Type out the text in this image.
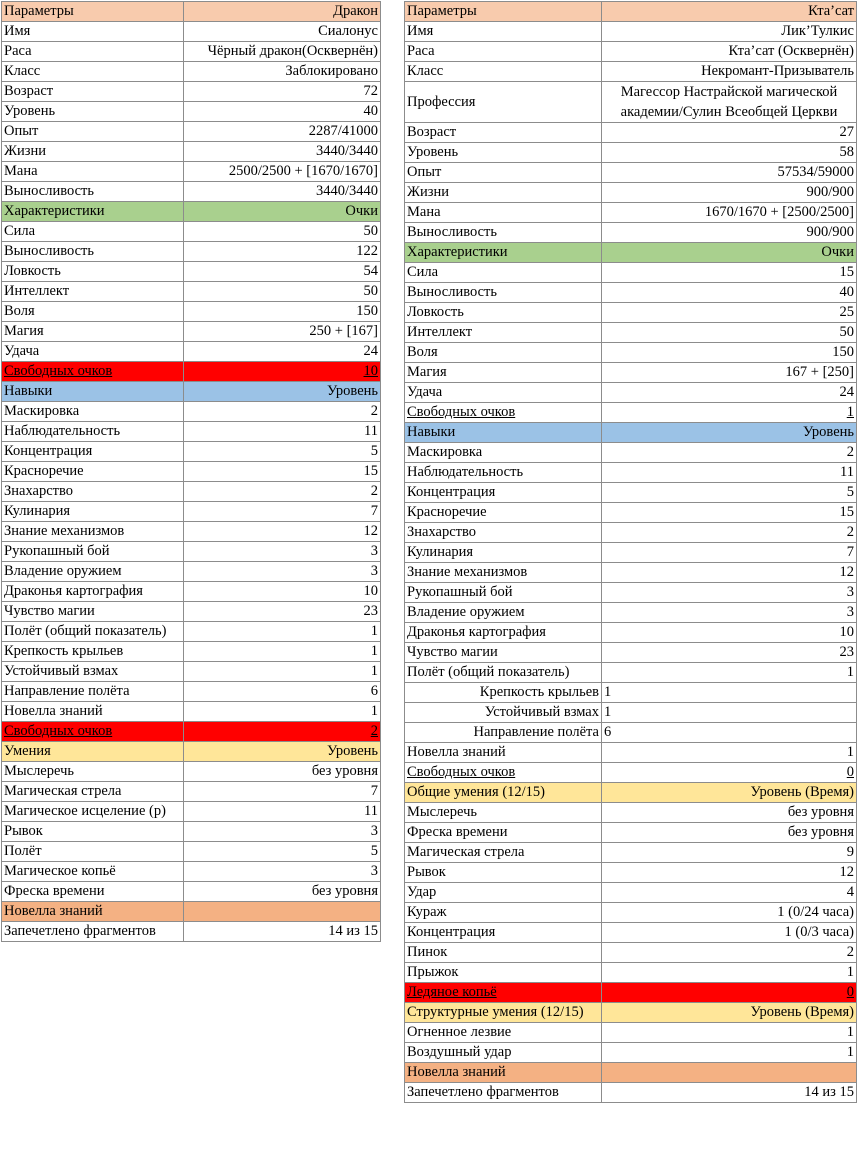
Параметры	Дракон
Имя	Сиалонус
Раса	Чёрный дракон(Осквернён)
Класс	Заблокировано
Возраст	72
Уровень	40
Опыт	2287/41000
Жизни	3440/3440
Мана	2500/2500 + [1670/1670]
Выносливость	3440/3440
Характеристики	Очки
Сила	50
Выносливость	122
Ловкость	54
Интеллект	50
Воля	150
Магия	250 + [167]
Удача	24
Свободных очков	10
Навыки	Уровень
Маскировка	2
Наблюдательность	11
Концентрация	5
Красноречие	15
Знахарство	2
Кулинария	7
Знание механизмов	12
Рукопашный бой	3
Владение оружием	3
Драконья картография	10
Чувство магии	23
Полёт (общий показатель)	1
Крепкость крыльев	1
Устойчивый взмах	1
Направление полёта	6
Новелла знаний	1
Свободных очков	2
Умения	Уровень
Мыслеречь	без уровня
Магическая стрела	7
Магическое исцеление (р)	11
Рывок	3
Полёт	5
Магическое копьё	3
Фреска времени	без уровня
Новелла знаний	
Запечетлено фрагментов	14 из 15
Параметры	Кта’сат
Имя	Лик’Тулкис
Раса	Кта’сат (Осквернён)
Класс	Некромант-Призыватель
Профессия	Магессор Настрайской магической академии/Сулин Всеобщей Церкви
Возраст	27
Уровень	58
Опыт	57534/59000
Жизни	900/900
Мана	1670/1670 + [2500/2500]
Выносливость	900/900
Характеристики	Очки
Сила	15
Выносливость	40
Ловкость	25
Интеллект	50
Воля	150
Магия	167 + [250]
Удача	24
Свободных очков	1
Навыки	Уровень
Маскировка	2
Наблюдательность	11
Концентрация	5
Красноречие	15
Знахарство	2
Кулинария	7
Знание механизмов	12
Рукопашный бой	3
Владение оружием	3
Драконья картография	10
Чувство магии	23
Полёт (общий показатель)	1
Крепкость крыльев	1
Устойчивый взмах	1
Направление полёта	6
Новелла знаний	1
Свободных очков	0
Общие умения (12/15)	Уровень (Время)
Мыслеречь	без уровня
Фреска времени	без уровня
Магическая стрела	9
Рывок	12
Удар	4
Кураж	1 (0/24 часа)
Концентрация	1 (0/3 часа)
Пинок	2
Прыжок	1
Ледяное копьё	0
Структурные умения (12/15)	Уровень (Время)
Огненное лезвие	1
Воздушный удар	1
Новелла знаний	
Запечетлено фрагментов	14 из 15
